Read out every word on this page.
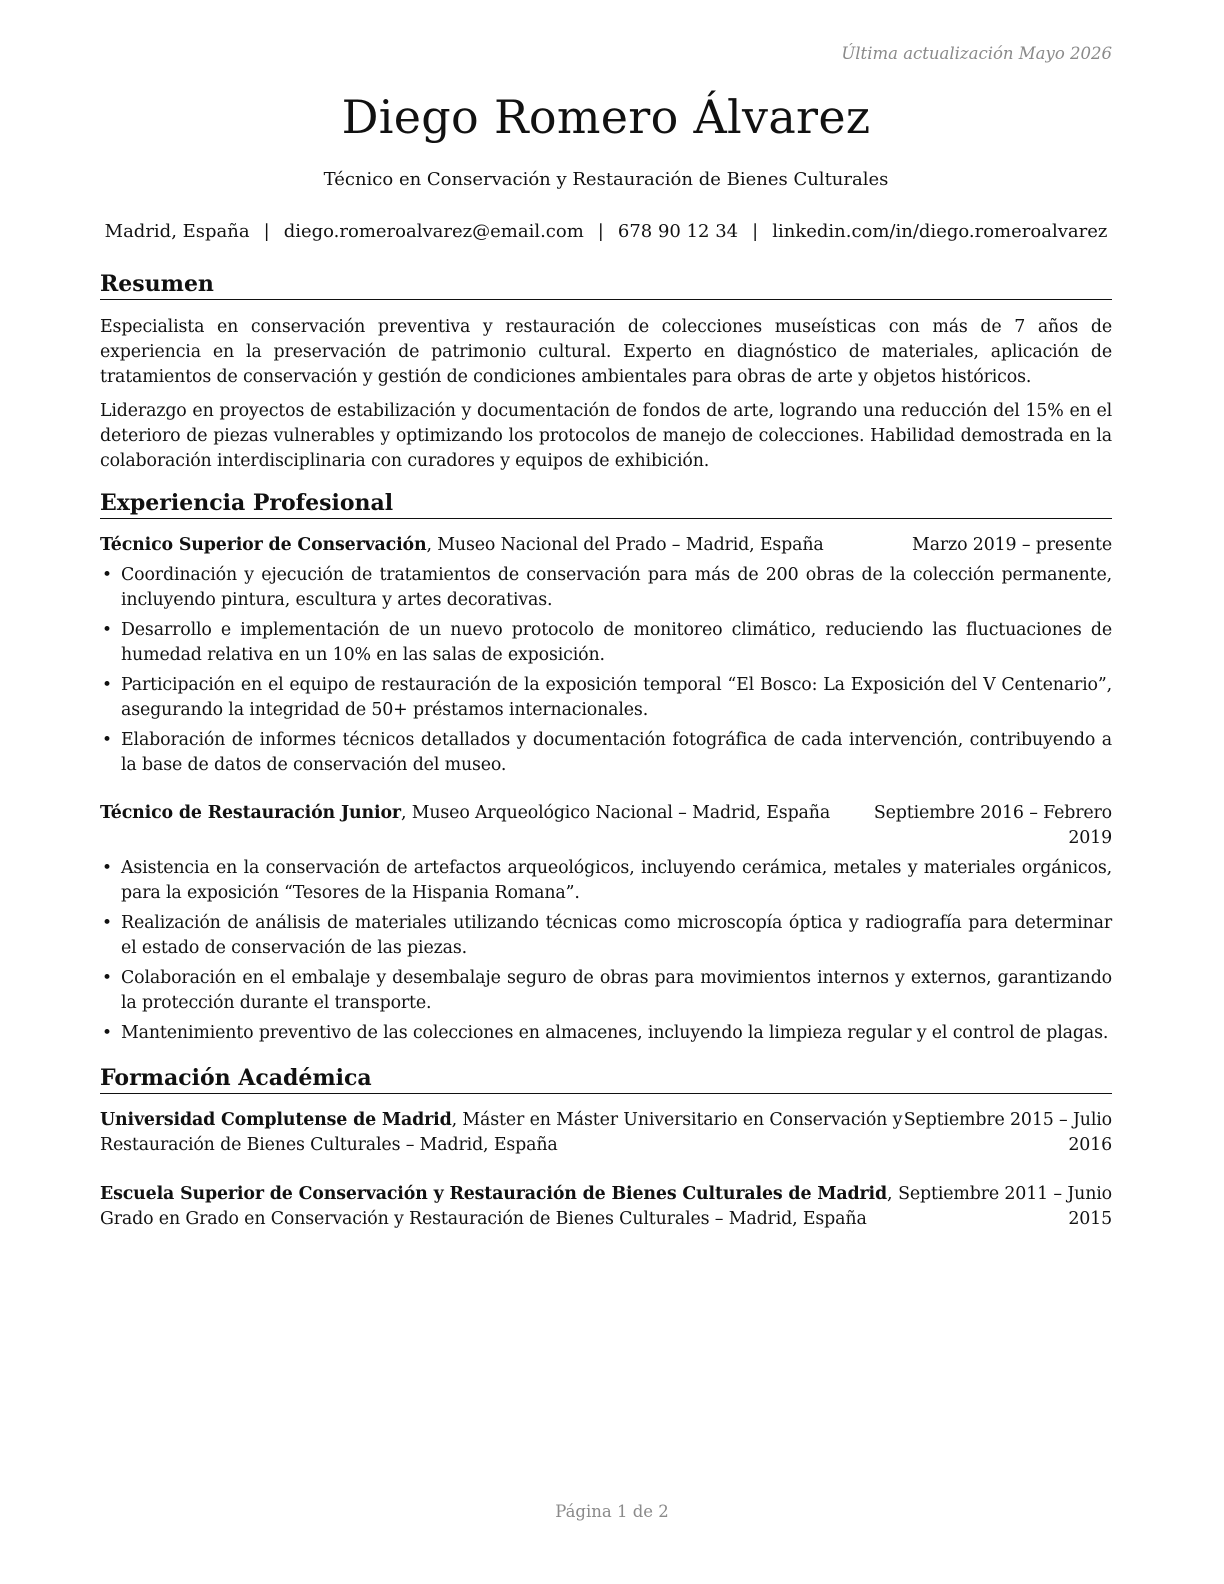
Última actualización Mayo 2026
Diego Romero Álvarez
Técnico en Conservación y Restauración de Bienes Culturales
Madrid, España | diego.romeroalvarez@email.com | 678 90 12 34 | linkedin.com/in/diego.romeroalvarez
Resumen
Especialista en conservación preventiva y restauración de colecciones museísticas con más de 7 años de experiencia en la preservación de patrimonio cultural. Experto en diagnóstico de materiales, aplicación de tratamientos de conservación y gestión de condiciones ambientales para obras de arte y objetos históricos.
Liderazgo en proyectos de estabilización y documentación de fondos de arte, logrando una reducción del 15% en el deterioro de piezas vulnerables y optimizando los protocolos de manejo de colecciones. Habilidad demostrada en la colaboración interdisciplinaria con curadores y equipos de exhibición.
Experiencia Profesional
Técnico Superior de Conservación, Museo Nacional del Prado – Madrid, España	Marzo 2019 – presente
• Coordinación y ejecución de tratamientos de conservación para más de 200 obras de la colección permanente, incluyendo pintura, escultura y artes decorativas.
• Desarrollo e implementación de un nuevo protocolo de monitoreo climático, reduciendo las fluctuaciones de humedad relativa en un 10% en las salas de exposición.
• Participación en el equipo de restauración de la exposición temporal “El Bosco: La Exposición del V Centenario”, asegurando la integridad de 50+ préstamos internacionales.
• Elaboración de informes técnicos detallados y documentación fotográfica de cada intervención, contribuyendo a la base de datos de conservación del museo.
Técnico de Restauración Junior, Museo Arqueológico Nacional – Madrid, España	Septiembre 2016 – Febrero
2019
• Asistencia en la conservación de artefactos arqueológicos, incluyendo cerámica, metales y materiales orgánicos, para la exposición “Tesores de la Hispania Romana”.
• Realización de análisis de materiales utilizando técnicas como microscopía óptica y radiografía para determinar el estado de conservación de las piezas.
• Colaboración en el embalaje y desembalaje seguro de obras para movimientos internos y externos, garantizando la protección durante el transporte.
• Mantenimiento preventivo de las colecciones en almacenes, incluyendo la limpieza regular y el control de plagas.
Formación Académica
Universidad Complutense de Madrid, Máster en Máster Universitario en Conservación y
Restauración de Bienes Culturales – Madrid, España
Septiembre 2015 – Julio
2016
Escuela Superior de Conservación y Restauración de Bienes Culturales de Madrid,
Grado en Grado en Conservación y Restauración de Bienes Culturales – Madrid, España
Septiembre 2011 – Junio
2015
Página 1 de 2
